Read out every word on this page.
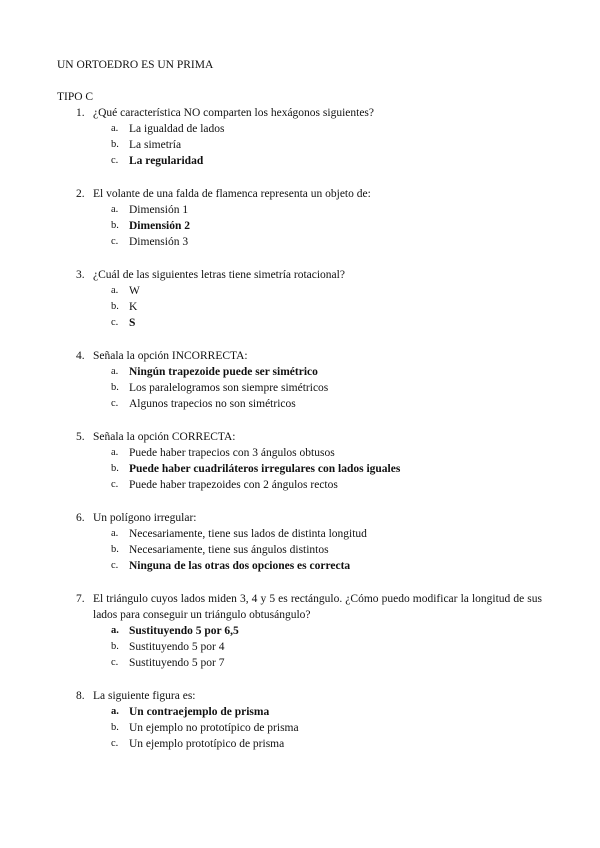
UN ORTOEDRO ES UN PRIMA
TIPO C
1. ¿Qué característica NO comparten los hexágonos siguientes?
a. La igualdad de lados
b. La simetría
c. La regularidad
2. El volante de una falda de flamenca representa un objeto de:
a. Dimensión 1
b. Dimensión 2
c. Dimensión 3
3. ¿Cuál de las siguientes letras tiene simetría rotacional?
a. W
b. K
c. S
4. Señala la opción INCORRECTA:
a. Ningún trapezoide puede ser simétrico
b. Los paralelogramos son siempre simétricos
c. Algunos trapecios no son simétricos
5. Señala la opción CORRECTA:
a. Puede haber trapecios con 3 ángulos obtusos
b. Puede haber cuadriláteros irregulares con lados iguales
c. Puede haber trapezoides con 2 ángulos rectos
6. Un polígono irregular:
a. Necesariamente, tiene sus lados de distinta longitud
b. Necesariamente, tiene sus ángulos distintos
c. Ninguna de las otras dos opciones es correcta
7. El triángulo cuyos lados miden 3, 4 y 5 es rectángulo. ¿Cómo puedo modificar la longitud de sus lados para conseguir un triángulo obtusángulo?
a. Sustituyendo 5 por 6,5
b. Sustituyendo 5 por 4
c. Sustituyendo 5 por 7
8. La siguiente figura es:
a. Un contraejemplo de prisma
b. Un ejemplo no prototípico de prisma
c. Un ejemplo prototípico de prisma
